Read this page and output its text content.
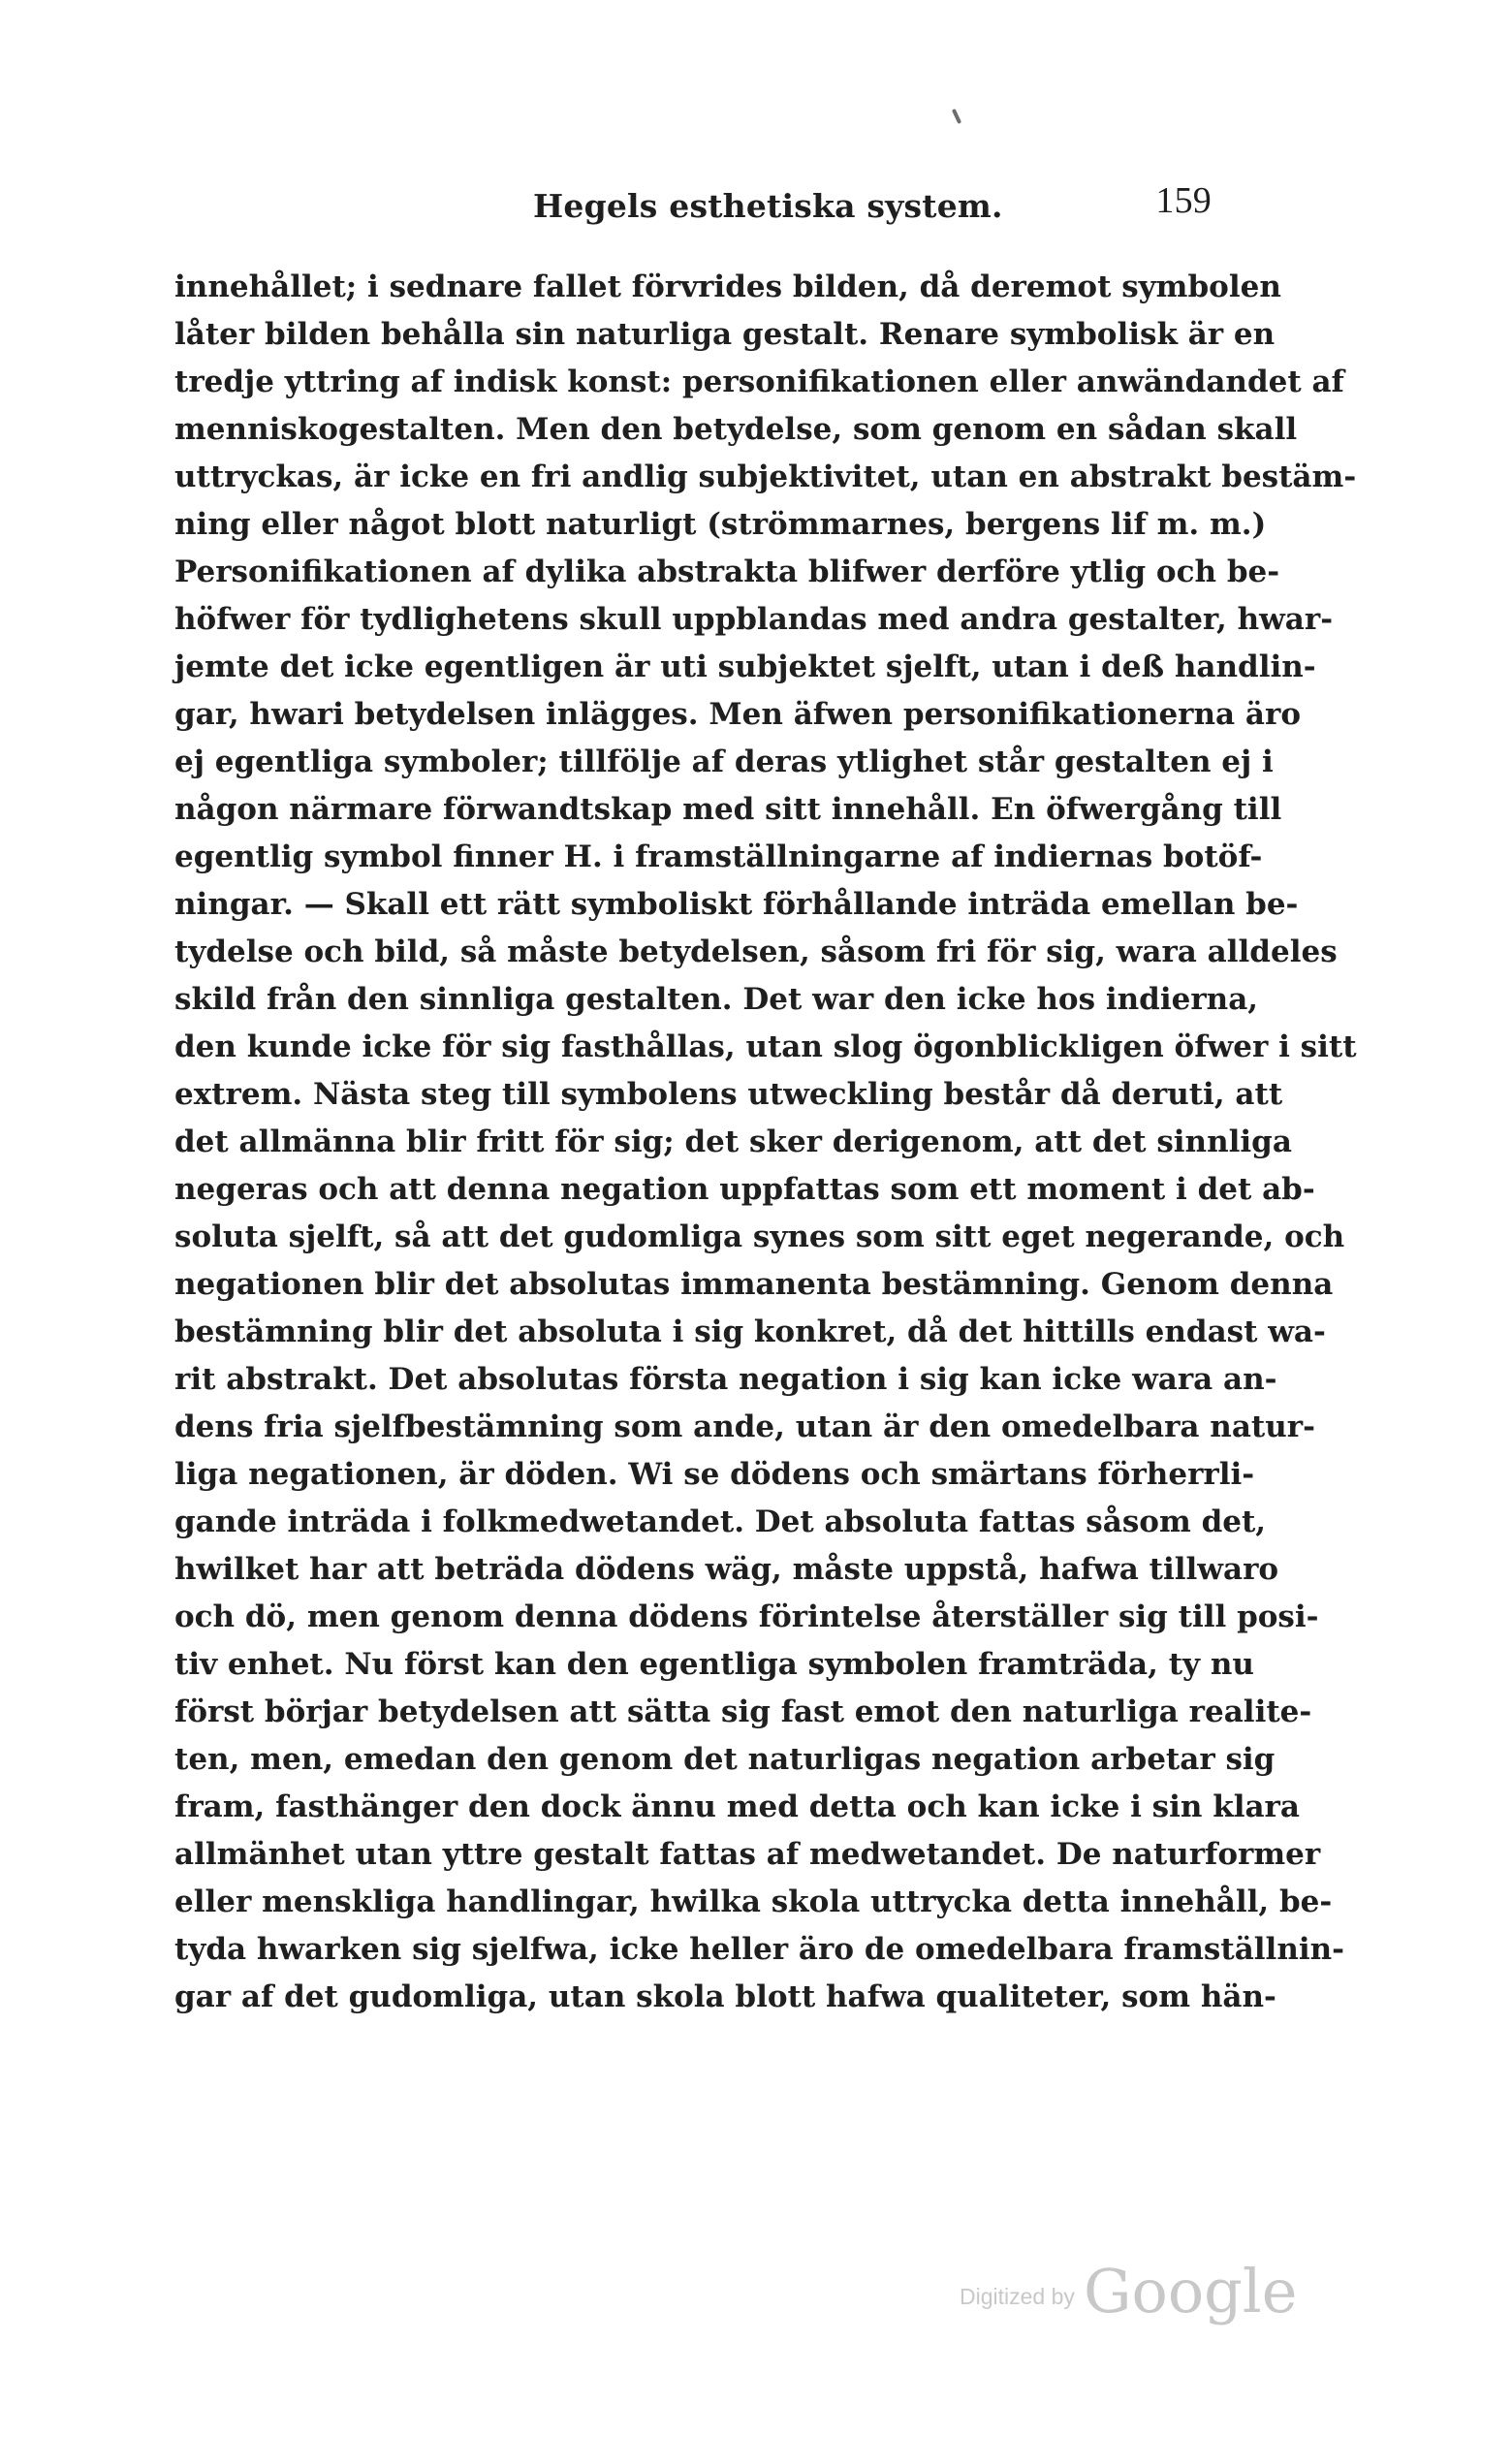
Hegels esthetiska system.	159
innehållet; i sednare fallet förvrides bilden, då deremot symbolen
låter bilden behålla sin naturliga gestalt. Renare symbolisk är en
tredje yttring af indisk konst: personifikationen eller anwändandet af
menniskogestalten. Men den betydelse, som genom en sådan skall
uttryckas, är icke en fri andlig subjektivitet, utan en abstrakt bestäm-
ning eller något blott naturligt (strömmarnes, bergens lif m. m.)
Personifikationen af dylika abstrakta blifwer derföre ytlig och be-
höfwer för tydlighetens skull uppblandas med andra gestalter, hwar-
jemte det icke egentligen är uti subjektet sjelft, utan i deß handlin-
gar, hwari betydelsen inlägges. Men äfwen personifikationerna äro
ej egentliga symboler; tillfölje af deras ytlighet står gestalten ej i
någon närmare förwandtskap med sitt innehåll. En öfwergång till
egentlig symbol finner H. i framställningarne af indiernas botöf-
ningar. — Skall ett rätt symboliskt förhållande inträda emellan be-
tydelse och bild, så måste betydelsen, såsom fri för sig, wara alldeles
skild från den sinnliga gestalten. Det war den icke hos indierna,
den kunde icke för sig fasthållas, utan slog ögonblickligen öfwer i sitt
extrem. Nästa steg till symbolens utweckling består då deruti, att
det allmänna blir fritt för sig; det sker derigenom, att det sinnliga
negeras och att denna negation uppfattas som ett moment i det ab-
soluta sjelft, så att det gudomliga synes som sitt eget negerande, och
negationen blir det absolutas immanenta bestämning. Genom denna
bestämning blir det absoluta i sig konkret, då det hittills endast wa-
rit abstrakt. Det absolutas första negation i sig kan icke wara an-
dens fria sjelfbestämning som ande, utan är den omedelbara natur-
liga negationen, är döden. Wi se dödens och smärtans förherrli-
gande inträda i folkmedwetandet. Det absoluta fattas såsom det,
hwilket har att beträda dödens wäg, måste uppstå, hafwa tillwaro
och dö, men genom denna dödens förintelse återställer sig till posi-
tiv enhet. Nu först kan den egentliga symbolen framträda, ty nu
först börjar betydelsen att sätta sig fast emot den naturliga realite-
ten, men, emedan den genom det naturligas negation arbetar sig
fram, fasthänger den dock ännu med detta och kan icke i sin klara
allmänhet utan yttre gestalt fattas af medwetandet. De naturformer
eller menskliga handlingar, hwilka skola uttrycka detta innehåll, be-
tyda hwarken sig sjelfwa, icke heller äro de omedelbara framställnin-
gar af det gudomliga, utan skola blott hafwa qualiteter, som hän-
Digitized by Google
